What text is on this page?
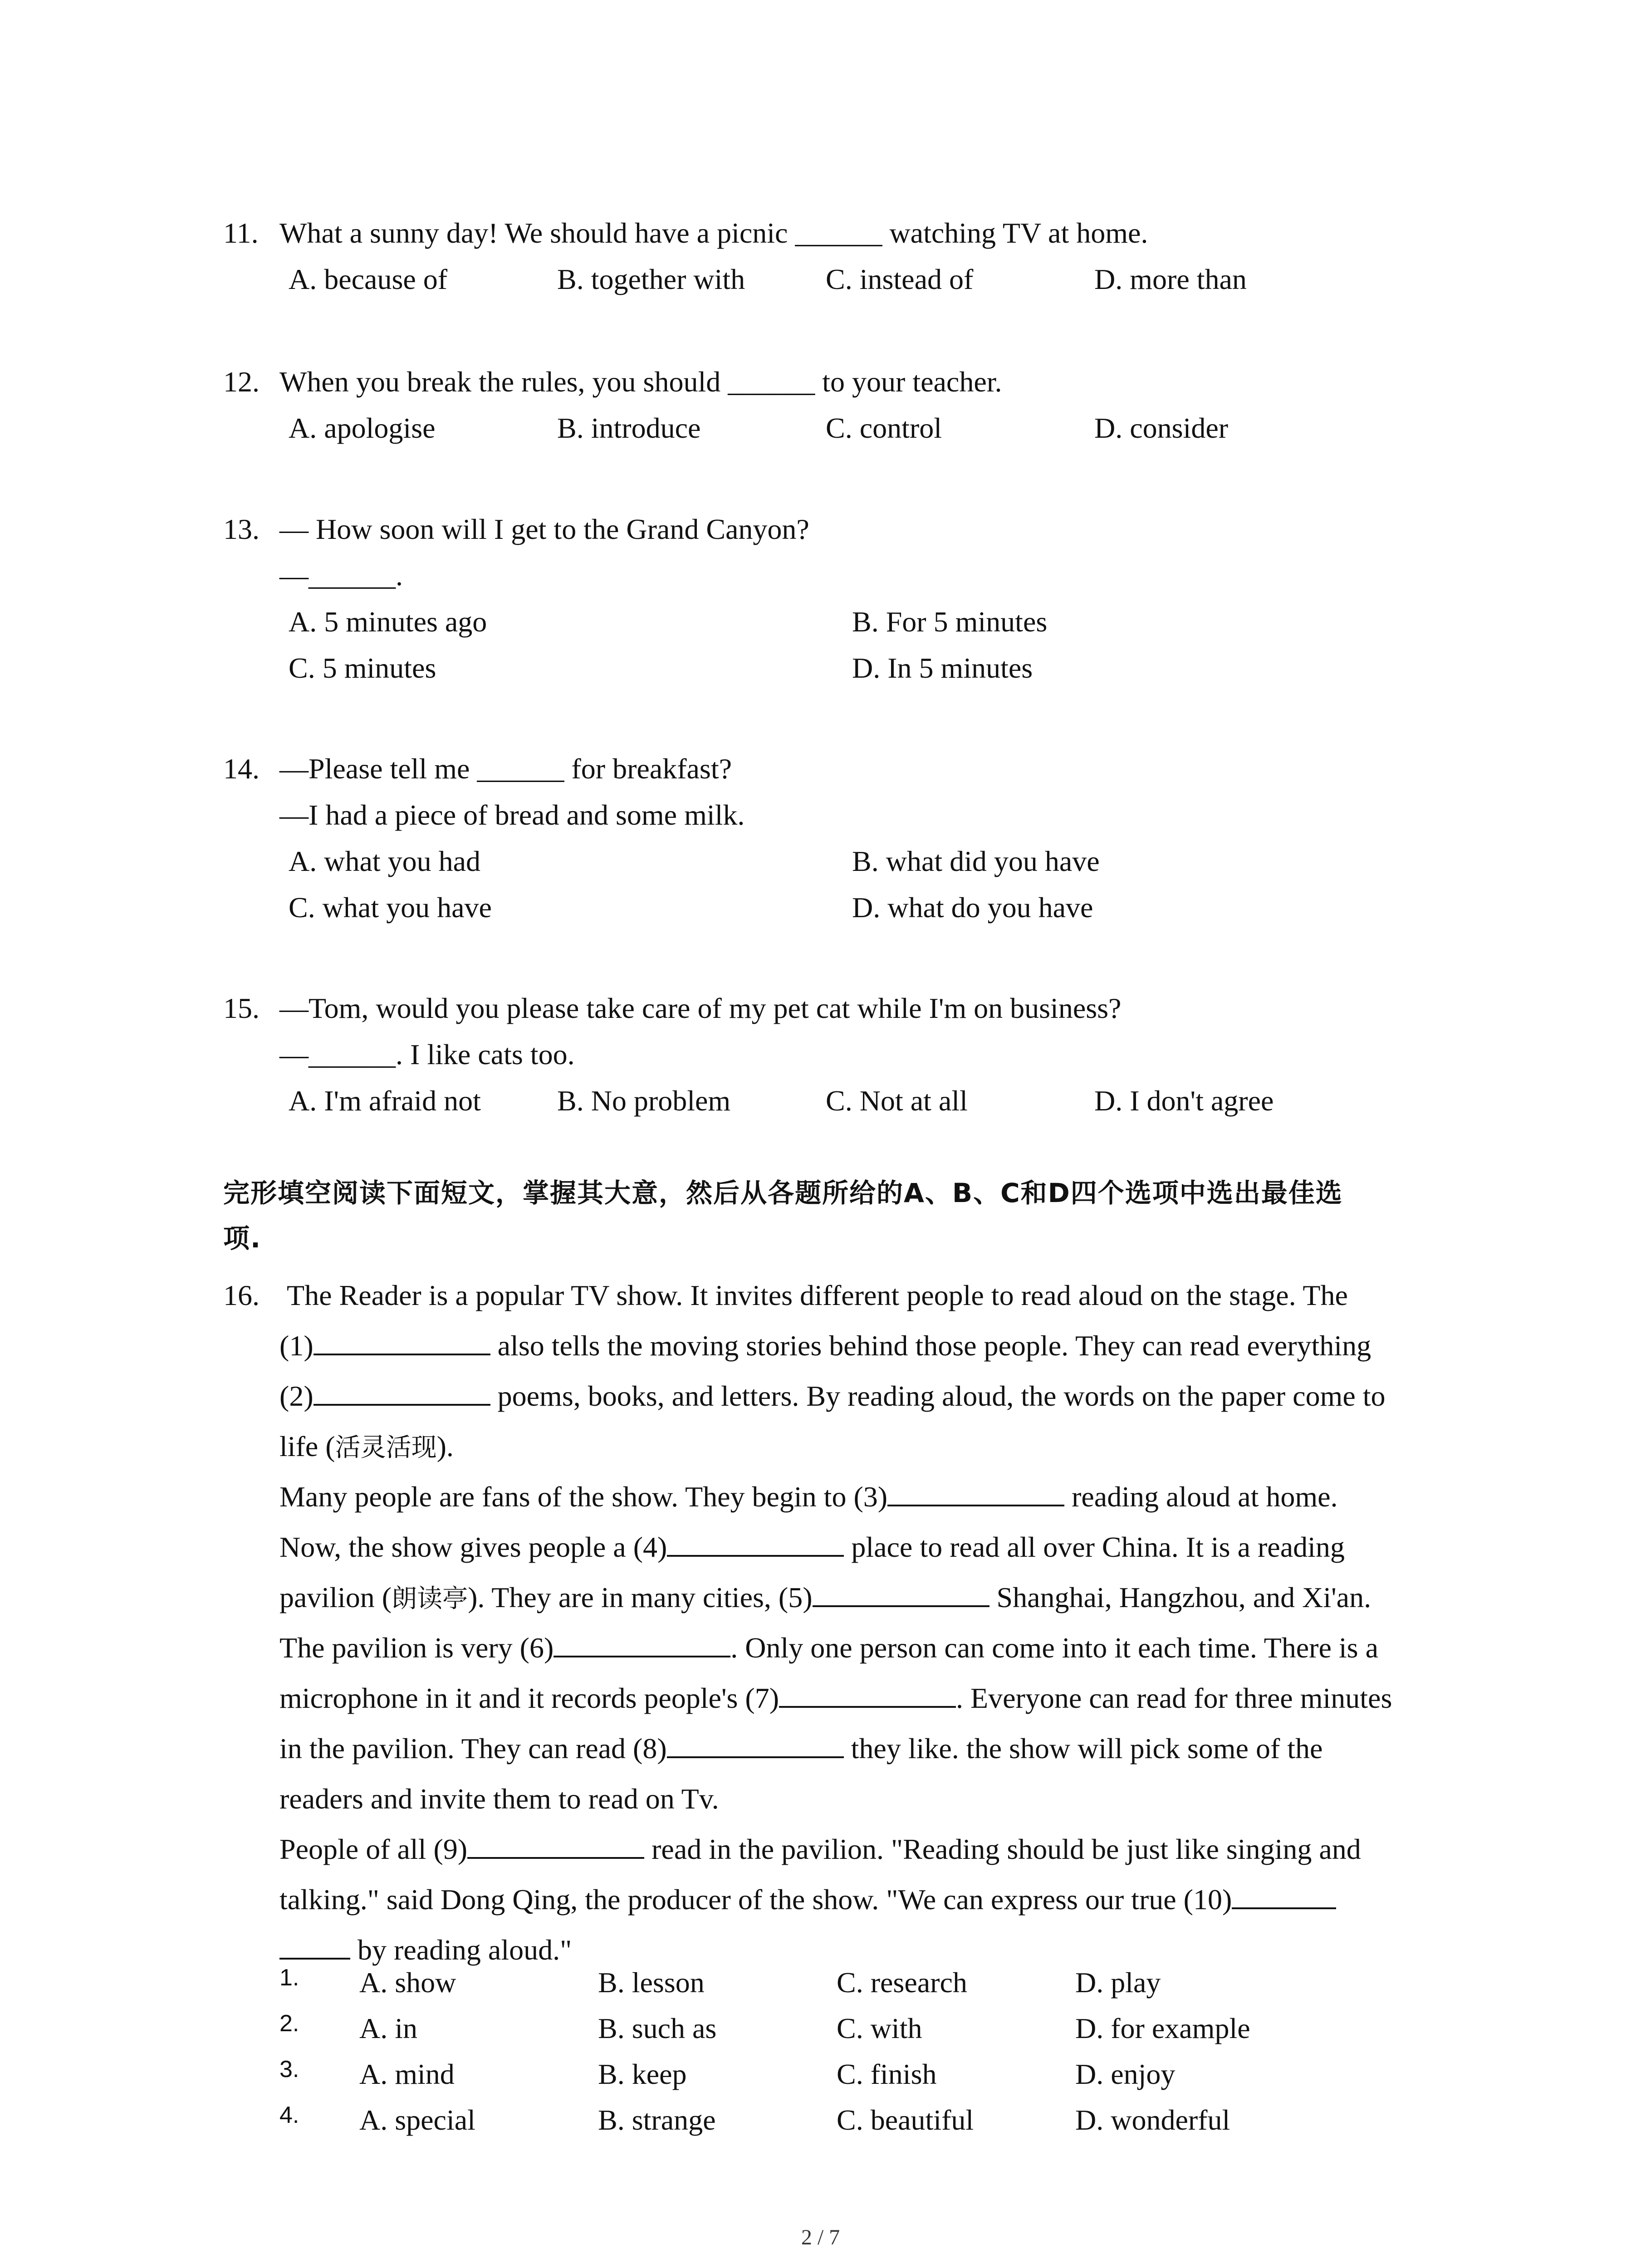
11. What a sunny day! We should have a picnic ______ watching TV at home.
A. because of	B. together with	C. instead of	D. more than
12. When you break the rules, you should ______ to your teacher.
A. apologise	B. introduce	C. control	D. consider
13. — How soon will I get to the Grand Canyon?
—______.
A. 5 minutes ago	B. For 5 minutes
C. 5 minutes	D. In 5 minutes
14. —Please tell me ______ for breakfast?
—I had a piece of bread and some milk.
A. what you had	B. what did you have
C. what you have	D. what do you have
15. —Tom, would you please take care of my pet cat while I'm on business?
—______. I like cats too.
A. I'm afraid not	B. No problem	C. Not at all	D. I don't agree
完形填空阅读下面短文，掌握其大意，然后从各题所给的A、B、C和D四个选项中选出最佳选
项.
16. The Reader is a popular TV show. It invites different people to read aloud on the stage. The
(1)	also tells the moving stories behind those people. They can read everything
(2)	poems, books, and letters. By reading aloud, the words on the paper come to
life (活灵活现).
Many people are fans of the show. They begin to (3)	reading aloud at home.
Now, the show gives people a (4)	place to read all over China. It is a reading
pavilion (朗读亭). They are in many cities, (5)	Shanghai, Hangzhou, and Xi'an.
The pavilion is very (6)	. Only one person can come into it each time. There is a
microphone in it and it records people's (7)	. Everyone can read for three minutes
in the pavilion. They can read (8)	they like. the show will pick some of the
readers and invite them to read on Tv.
People of all (9)	read in the pavilion. "Reading should be just like singing and
talking." said Dong Qing, the producer of the show. "We can express our true (10)
by reading aloud."
1. A. show	B. lesson	C. research	D. play
2. A. in	B. such as	C. with	D. for example
3. A. mind	B. keep	C. finish	D. enjoy
4. A. special	B. strange	C. beautiful	D. wonderful
2 / 7
